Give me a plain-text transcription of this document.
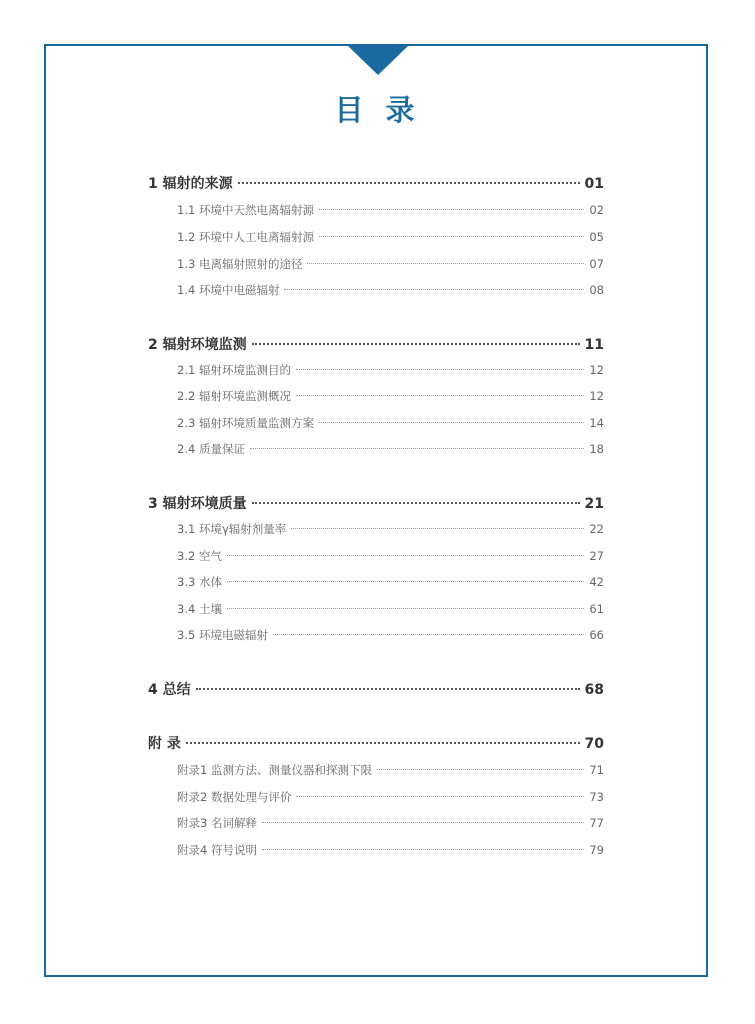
目 录
1 辐射的来源	01
1.1 环境中天然电离辐射源	02
1.2 环境中人工电离辐射源	05
1.3 电离辐射照射的途径	07
1.4 环境中电磁辐射	08
2 辐射环境监测	11
2.1 辐射环境监测目的	12
2.2 辐射环境监测概况	12
2.3 辐射环境质量监测方案	14
2.4 质量保证	18
3 辐射环境质量	21
3.1 环境γ辐射剂量率	22
3.2 空气	27
3.3 水体	42
3.4 土壤	61
3.5 环境电磁辐射	66
4 总结	68
附 录	70
附录1 监测方法、测量仪器和探测下限	71
附录2 数据处理与评价	73
附录3 名词解释	77
附录4 符号说明	79
